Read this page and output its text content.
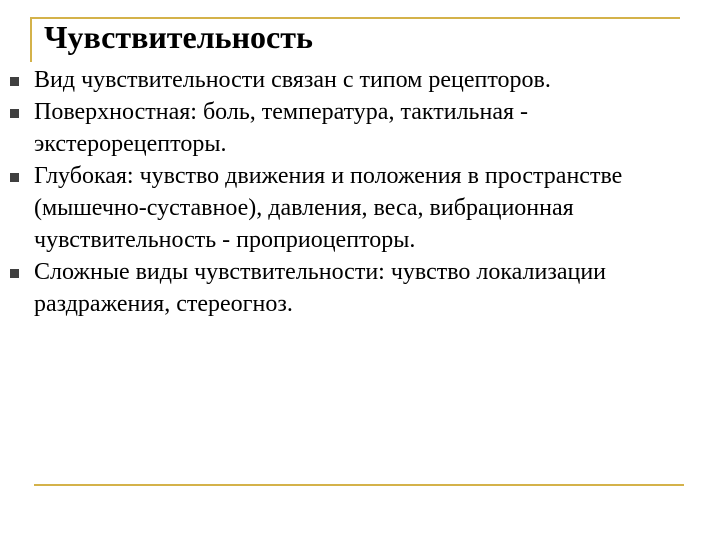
Чувствительность
Вид чувствительности связан с типом рецепторов.
Поверхностная: боль, температура, тактильная - экстерорецепторы.
Глубокая: чувство движения и положения в пространстве (мышечно-суставное), давления, веса, вибрационная чувствительность - проприоцепторы.
Сложные виды чувствительности: чувство локализации раздражения, стереогноз.
